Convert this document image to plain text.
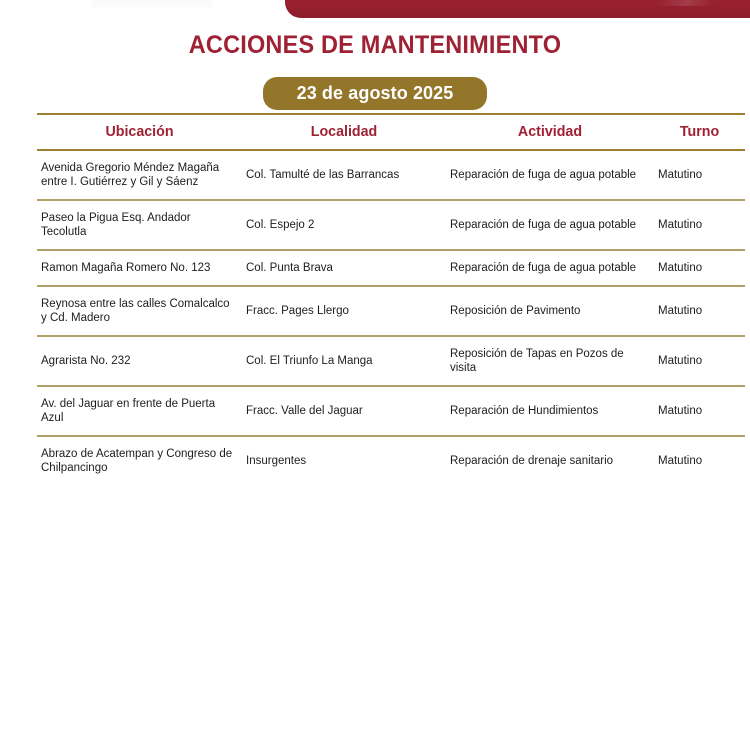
ACCIONES DE MANTENIMIENTO
23 de agosto 2025
Ubicación	Localidad	Actividad	Turno
Avenida Gregorio Méndez Magaña entre I. Gutiérrez y Gil y Sáenz	Col. Tamulté de las Barrancas	Reparación de fuga de agua potable	Matutino
Paseo la Pigua Esq. Andador Tecolutla	Col. Espejo 2	Reparación de fuga de agua potable	Matutino
Ramon Magaña Romero No. 123	Col. Punta Brava	Reparación de fuga de agua potable	Matutino
Reynosa entre las calles Comalcalco y Cd. Madero	Fracc. Pages Llergo	Reposición de Pavimento	Matutino
Agrarista No. 232	Col. El Triunfo La Manga	Reposición de Tapas en Pozos de visita	Matutino
Av. del Jaguar en frente de Puerta Azul	Fracc. Valle del Jaguar	Reparación de Hundimientos	Matutino
Abrazo de Acatempan y Congreso de Chilpancingo	Insurgentes	Reparación de drenaje sanitario	Matutino
